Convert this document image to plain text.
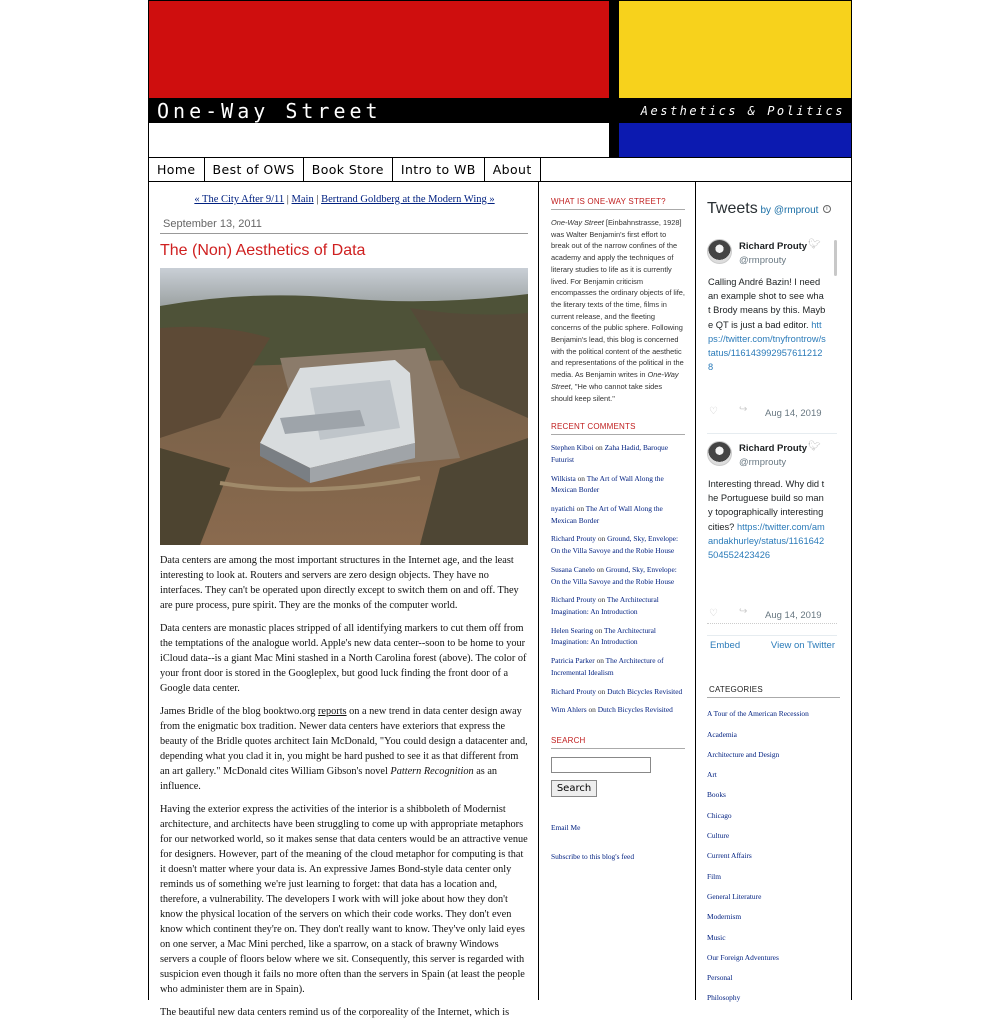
One-Way Street	Aesthetics & Politics
Home	Best of OWS	Book Store	Intro to WB	About
« The City After 9/11 | Main | Bertrand Goldberg at the Modern Wing »
September 13, 2011
The (Non) Aesthetics of Data

Data centers are among the most important structures in the Internet age, and the least interesting to look at. Routers and servers are zero design objects. They have no interfaces. They can't be operated upon directly except to switch them on and off. They are pure process, pure spirit. They are the monks of the computer world.

Data centers are monastic places stripped of all identifying markers to cut them off from the temptations of the analogue world. Apple's new data center--soon to be home to your iCloud data--is a giant Mac Mini stashed in a North Carolina forest (above). The color of your front door is stored in the Googleplex, but good luck finding the front door of a Google data center.

James Bridle of the blog booktwo.org reports on a new trend in data center design away from the enigmatic box tradition. Newer data centers have exteriors that express the beauty of the Bridle quotes architect Iain McDonald, "You could design a datacenter and, depending what you clad it in, you might be hard pushed to see it as that different from an art gallery." McDonald cites William Gibson's novel Pattern Recognition as an influence.

Having the exterior express the activities of the interior is a shibboleth of Modernist architecture, and architects have been struggling to come up with appropriate metaphors for our networked world, so it makes sense that data centers would be an attractive venue for designers. However, part of the meaning of the cloud metaphor for computing is that it doesn't matter where your data is. An expressive James Bond-style data center only reminds us of something we're just learning to forget: that data has a location and, therefore, a vulnerability. The developers I work with will joke about how they don't know the physical location of the servers on which their code works. They don't even know which continent they're on. They don't really want to know. They've only laid eyes on one server, a Mac Mini perched, like a sparrow, on a stack of brawny Windows servers a couple of floors below where we sit. Consequently, this server is regarded with suspicion even though it fails no more often than the servers in Spain (at least the people who administer them are in Spain).

The beautiful new data centers remind us of the corporeality of the Internet, which is

WHAT IS ONE-WAY STREET?
One-Way Street [Einbahnstrasse, 1928] was Walter Benjamin's first effort to break out of the narrow confines of the academy and apply the techniques of literary studies to life as it is currently lived. For Benjamin criticism encompasses the ordinary objects of life, the literary texts of the time, films in current release, and the fleeting concerns of the public sphere. Following Benjamin's lead, this blog is concerned with the political content of the aesthetic and representations of the political in the media. As Benjamin writes in One-Way Street, "He who cannot take sides should keep silent."
RECENT COMMENTS
Stephen Kiboi on Zaha Hadid, Baroque Futurist
Wilkista on The Art of Wall Along the Mexican Border
nyatichi on The Art of Wall Along the Mexican Border
Richard Prouty on Ground, Sky, Envelope: On the Villa Savoye and the Robie House
Susana Canelo on Ground, Sky, Envelope: On the Villa Savoye and the Robie House
Richard Prouty on The Architectural Imagination: An Introduction
Helen Searing on The Architectural Imagination: An Introduction
Patricia Parker on The Architecture of Incremental Idealism
Richard Prouty on Dutch Bicycles Revisited
Wim Ahlers on Dutch Bicycles Revisited
SEARCH
Search
Email Me
Subscribe to this blog's feed
Tweets by @rmprout i
Richard Prouty
@rmprouty
🐦︎
Calling André Bazin! I need an example shot to see what Brody means by this. Maybe QT is just a bad editor. https://twitter.com/tnyfrontrow/status/1161439929576112128
♡ ↪ Aug 14, 2019
Richard Prouty
@rmprouty
🐦︎
Interesting thread. Why did the Portuguese build so many topographically interesting cities? https://twitter.com/amandakhurley/status/1161642504552423426
♡ ↪ Aug 14, 2019
Embed	View on Twitter
CATEGORIES
A Tour of the American Recession
Academia
Architecture and Design
Art
Books
Chicago
Culture
Current Affairs
Film
General Literature
Modernism
Music
Our Foreign Adventures
Personal
Philosophy
